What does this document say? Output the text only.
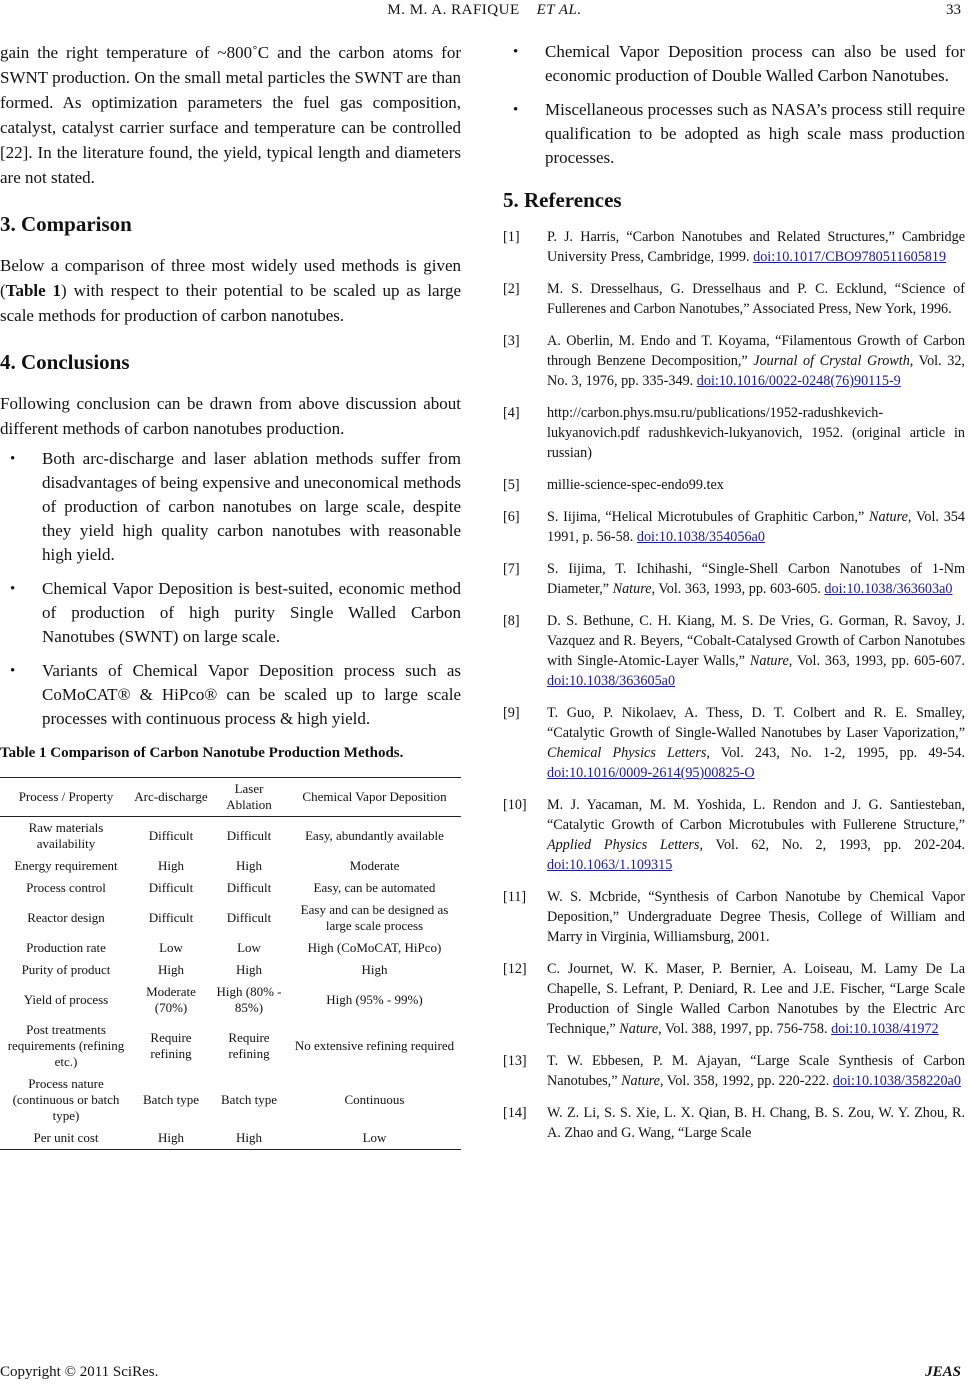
M. M. A. RAFIQUE ET AL.	33

gain the right temperature of ~800˚C and the carbon atoms for SWNT production. On the small metal particles the SWNT are than formed. As optimization parameters the fuel gas composition, catalyst, catalyst carrier surface and temperature can be controlled [22]. In the literature found, the yield, typical length and diameters are not stated.

3. Comparison

Below a comparison of three most widely used methods is given (Table 1) with respect to their potential to be scaled up as large scale methods for production of carbon nanotubes.

4. Conclusions

Following conclusion can be drawn from above discussion about different methods of carbon nanotubes production.

• Both arc-discharge and laser ablation methods suffer from disadvantages of being expensive and uneconomical methods of production of carbon nanotubes on large scale, despite they yield high quality carbon nanotubes with reasonable high yield.
• Chemical Vapor Deposition is best-suited, economic method of production of high purity Single Walled Carbon Nanotubes (SWNT) on large scale.
• Variants of Chemical Vapor Deposition process such as CoMoCAT® & HiPco® can be scaled up to large scale processes with continuous process & high yield.
Table 1 Comparison of Carbon Nanotube Production Methods.
Process / Property	Arc-discharge	Laser Ablation	Chemical Vapor Deposition
Raw materials availability	Difficult	Difficult	Easy, abundantly available
Energy requirement	High	High	Moderate
Process control	Difficult	Difficult	Easy, can be automated
Reactor design	Difficult	Difficult	Easy and can be designed as large scale process
Production rate	Low	Low	High (CoMoCAT, HiPco)
Purity of product	High	High	High
Yield of process	Moderate (70%)	High (80% - 85%)	High (95% - 99%)
Post treatments requirements (refining etc.)	Require refining	Require refining	No extensive refining required
Process nature (continuous or batch type)	Batch type	Batch type	Continuous
Per unit cost	High	High	Low
• Chemical Vapor Deposition process can also be used for economic production of Double Walled Carbon Nanotubes.
• Miscellaneous processes such as NASA’s process still require qualification to be adopted as high scale mass production processes.
5. References
[1] P. J. Harris, “Carbon Nanotubes and Related Structures,” Cambridge University Press, Cambridge, 1999. doi:10.1017/CBO9780511605819
[2] M. S. Dresselhaus, G. Dresselhaus and P. C. Ecklund, “Science of Fullerenes and Carbon Nanotubes,” Associated Press, New York, 1996.
[3] A. Oberlin, M. Endo and T. Koyama, “Filamentous Growth of Carbon through Benzene Decomposition,” Journal of Crystal Growth, Vol. 32, No. 3, 1976, pp. 335-349. doi:10.1016/0022-0248(76)90115-9
[4] http://carbon.phys.msu.ru/publications/1952-radushkevich-lukyanovich.pdf radushkevich-lukyanovich, 1952. (original article in russian)
[5] millie-science-spec-endo99.tex
[6] S. Iijima, “Helical Microtubules of Graphitic Carbon,” Nature, Vol. 354 1991, p. 56-58. doi:10.1038/354056a0
[7] S. Iijima, T. Ichihashi, “Single-Shell Carbon Nanotubes of 1-Nm Diameter,” Nature, Vol. 363, 1993, pp. 603-605. doi:10.1038/363603a0
[8] D. S. Bethune, C. H. Kiang, M. S. De Vries, G. Gorman, R. Savoy, J. Vazquez and R. Beyers, “Cobalt-Catalysed Growth of Carbon Nanotubes with Single-Atomic-Layer Walls,” Nature, Vol. 363, 1993, pp. 605-607. doi:10.1038/363605a0
[9] T. Guo, P. Nikolaev, A. Thess, D. T. Colbert and R. E. Smalley, “Catalytic Growth of Single-Walled Nanotubes by Laser Vaporization,” Chemical Physics Letters, Vol. 243, No. 1-2, 1995, pp. 49-54. doi:10.1016/0009-2614(95)00825-O
[10] M. J. Yacaman, M. M. Yoshida, L. Rendon and J. G. Santiesteban, “Catalytic Growth of Carbon Microtubules with Fullerene Structure,” Applied Physics Letters, Vol. 62, No. 2, 1993, pp. 202-204. doi:10.1063/1.109315
[11] W. S. Mcbride, “Synthesis of Carbon Nanotube by Chemical Vapor Deposition,” Undergraduate Degree Thesis, College of William and Marry in Virginia, Williamsburg, 2001.
[12] C. Journet, W. K. Maser, P. Bernier, A. Loiseau, M. Lamy De La Chapelle, S. Lefrant, P. Deniard, R. Lee and J.E. Fischer, “Large Scale Production of Single Walled Carbon Nanotubes by the Electric Arc Technique,” Nature, Vol. 388, 1997, pp. 756-758. doi:10.1038/41972
[13] T. W. Ebbesen, P. M. Ajayan, “Large Scale Synthesis of Carbon Nanotubes,” Nature, Vol. 358, 1992, pp. 220-222. doi:10.1038/358220a0
[14] W. Z. Li, S. S. Xie, L. X. Qian, B. H. Chang, B. S. Zou, W. Y. Zhou, R. A. Zhao and G. Wang, “Large Scale
Copyright © 2011 SciRes.	JEAS
